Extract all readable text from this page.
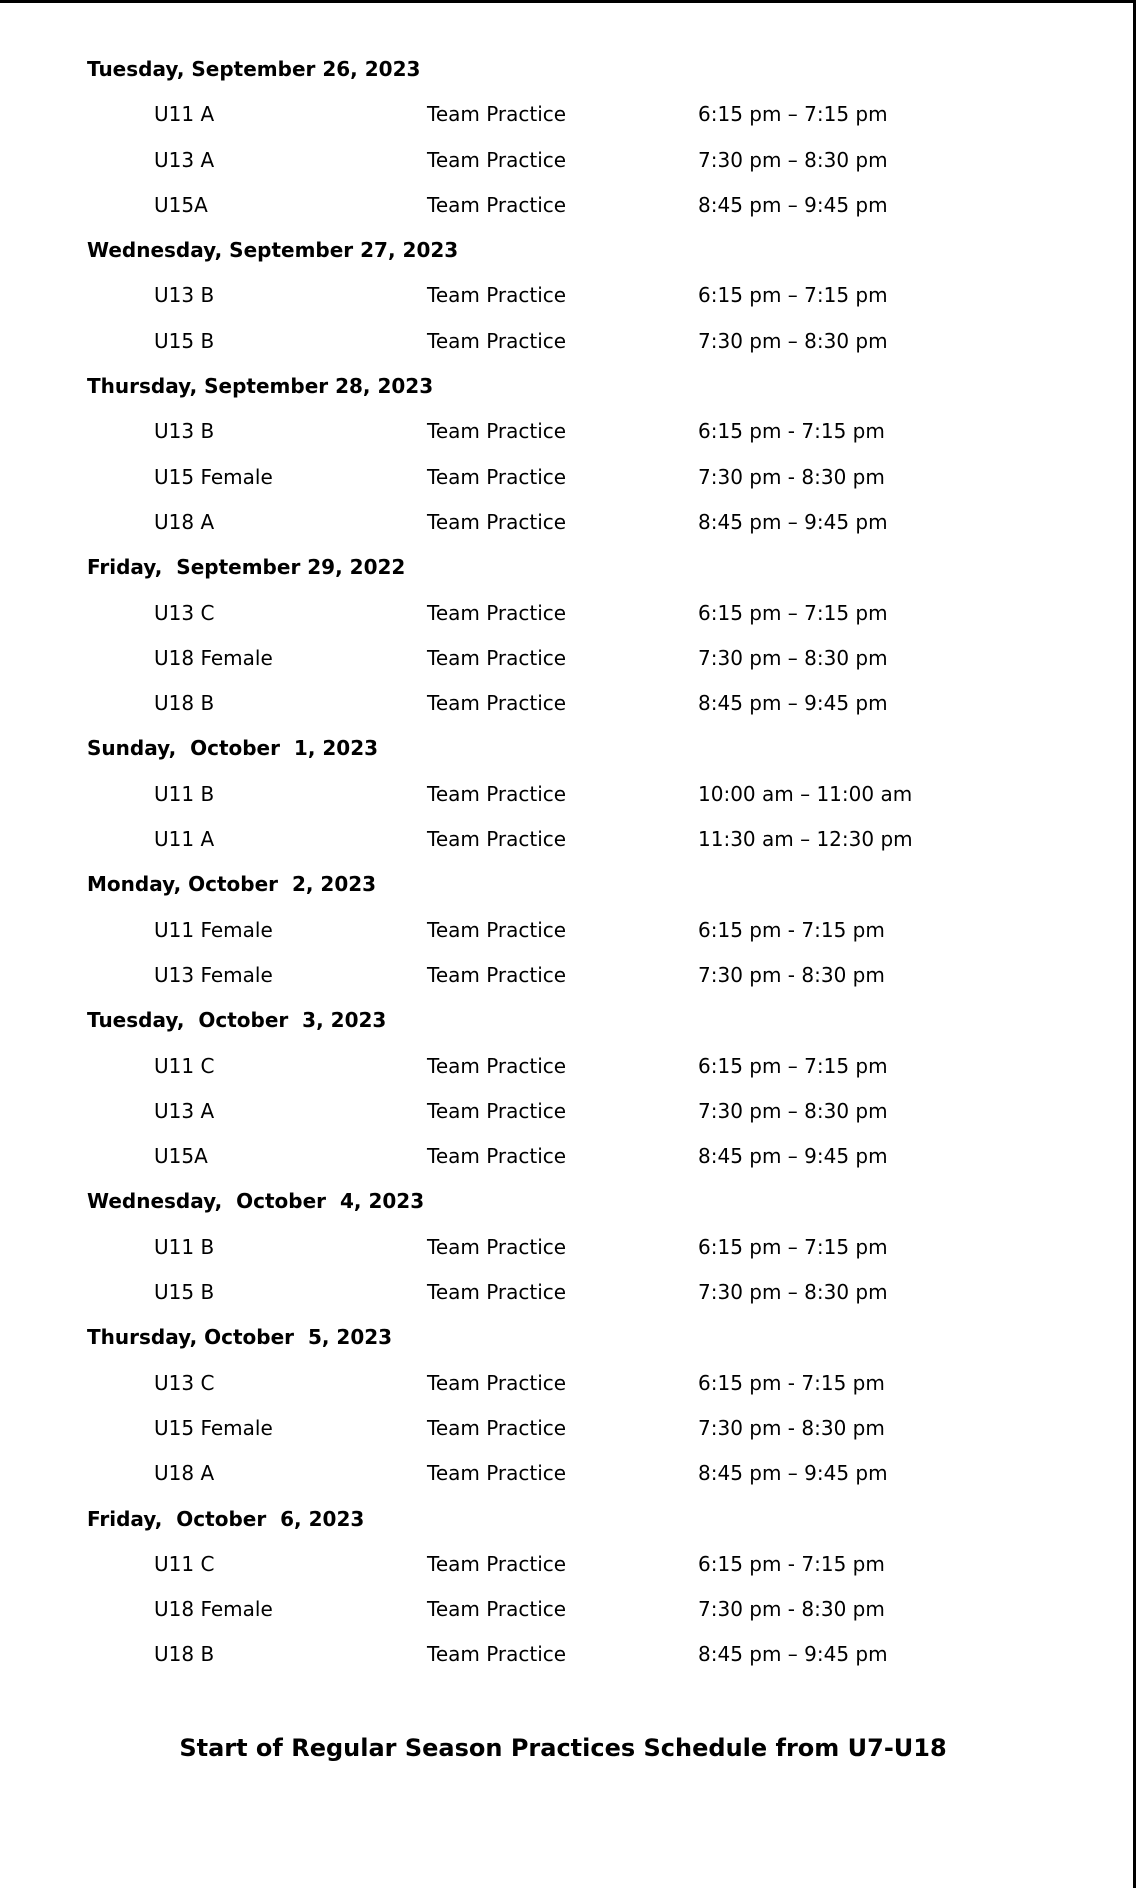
Tuesday, September 26, 2023
U11 A	Team Practice	6:15 pm – 7:15 pm
U13 A	Team Practice	7:30 pm – 8:30 pm
U15A	Team Practice	8:45 pm – 9:45 pm
Wednesday, September 27, 2023
U13 B	Team Practice	6:15 pm – 7:15 pm
U15 B	Team Practice	7:30 pm – 8:30 pm
Thursday, September 28, 2023
U13 B	Team Practice	6:15 pm - 7:15 pm
U15 Female	Team Practice	7:30 pm - 8:30 pm
U18 A	Team Practice	8:45 pm – 9:45 pm
Friday,  September 29, 2022
U13 C	Team Practice	6:15 pm – 7:15 pm
U18 Female	Team Practice	7:30 pm – 8:30 pm
U18 B	Team Practice	8:45 pm – 9:45 pm
Sunday,  October  1, 2023
U11 B	Team Practice	10:00 am – 11:00 am
U11 A	Team Practice	11:30 am – 12:30 pm
Monday, October  2, 2023
U11 Female	Team Practice	6:15 pm - 7:15 pm
U13 Female	Team Practice	7:30 pm - 8:30 pm
Tuesday,  October  3, 2023
U11 C	Team Practice	6:15 pm – 7:15 pm
U13 A	Team Practice	7:30 pm – 8:30 pm
U15A	Team Practice	8:45 pm – 9:45 pm
Wednesday,  October  4, 2023
U11 B	Team Practice	6:15 pm – 7:15 pm
U15 B	Team Practice	7:30 pm – 8:30 pm
Thursday, October  5, 2023
U13 C	Team Practice	6:15 pm - 7:15 pm
U15 Female	Team Practice	7:30 pm - 8:30 pm
U18 A	Team Practice	8:45 pm – 9:45 pm
Friday,  October  6, 2023
U11 C	Team Practice	6:15 pm - 7:15 pm
U18 Female	Team Practice	7:30 pm - 8:30 pm
U18 B	Team Practice	8:45 pm – 9:45 pm
Start of Regular Season Practices Schedule from U7-U18
